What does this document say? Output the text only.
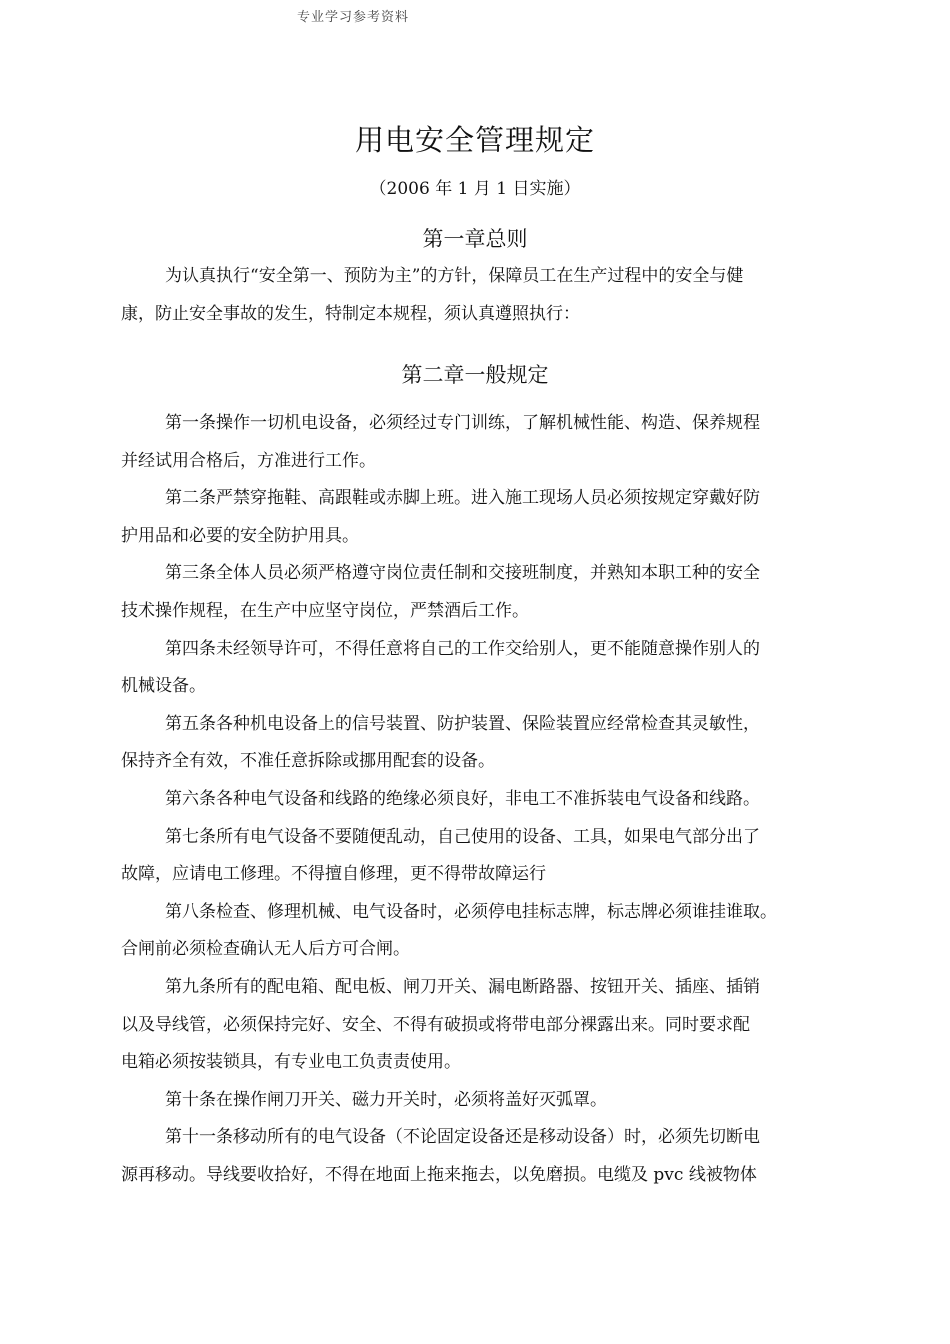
专业学习参考资料
用电安全管理规定
（2006 年 1 月 1 日实施）
第一章总则

为认真执行“安全第一、预防为主”的方针，保障员工在生产过程中的安全与健
康，防止安全事故的发生，特制定本规程，须认真遵照执行：

第二章一般规定

第一条操作一切机电设备，必须经过专门训练，了解机械性能、构造、保养规程
并经试用合格后，方准进行工作。

第二条严禁穿拖鞋、高跟鞋或赤脚上班。进入施工现场人员必须按规定穿戴好防
护用品和必要的安全防护用具。

第三条全体人员必须严格遵守岗位责任制和交接班制度，并熟知本职工种的安全
技术操作规程，在生产中应坚守岗位，严禁酒后工作。

第四条未经领导许可，不得任意将自己的工作交给别人，更不能随意操作别人的
机械设备。

第五条各种机电设备上的信号装置、防护装置、保险装置应经常检查其灵敏性，
保持齐全有效，不准任意拆除或挪用配套的设备。

第六条各种电气设备和线路的绝缘必须良好，非电工不准拆装电气设备和线路。

第七条所有电气设备不要随便乱动，自己使用的设备、工具，如果电气部分出了
故障，应请电工修理。不得擅自修理，更不得带故障运行

第八条检查、修理机械、电气设备时，必须停电挂标志牌，标志牌必须谁挂谁取。
合闸前必须检查确认无人后方可合闸。

第九条所有的配电箱、配电板、闸刀开关、漏电断路器、按钮开关、插座、插销
以及导线管，必须保持完好、安全、不得有破损或将带电部分裸露出来。同时要求配
电箱必须按装锁具，有专业电工负责责使用。

第十条在操作闸刀开关、磁力开关时，必须将盖好灭弧罩。

第十一条移动所有的电气设备（不论固定设备还是移动设备）时，必须先切断电
源再移动。导线要收拾好，不得在地面上拖来拖去，以免磨损。电缆及 pvc 线被物体
